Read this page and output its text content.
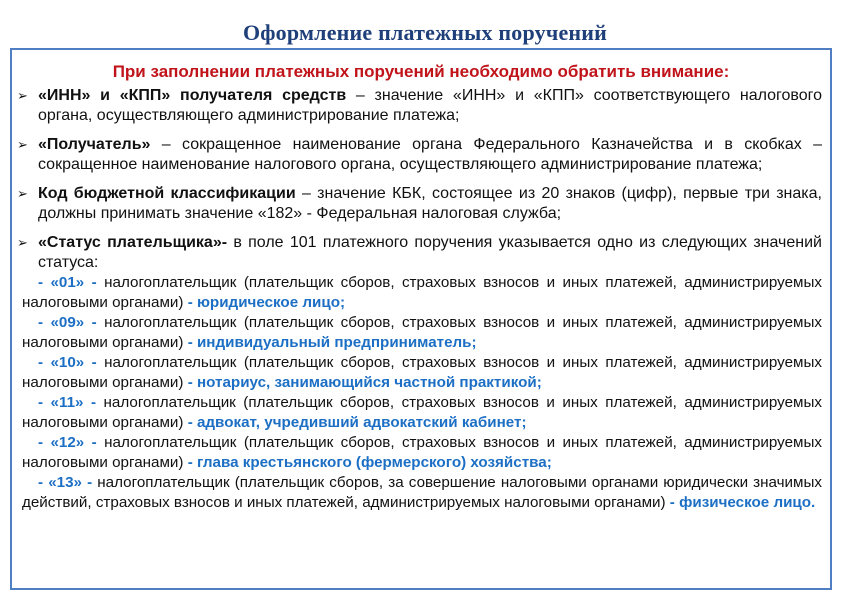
Оформление платежных поручений
При заполнении платежных поручений необходимо обратить внимание:
➢ «ИНН» и «КПП» получателя средств – значение «ИНН» и «КПП» соответствующего налогового органа, осуществляющего администрирование платежа;
➢ «Получатель» – сокращенное наименование органа Федерального Казначейства и в скобках – сокращенное наименование налогового органа, осуществляющего администрирование платежа;
➢ Код бюджетной классификации – значение КБК, состоящее из 20 знаков (цифр), первые три знака, должны принимать значение «182» - Федеральная налоговая служба;
➢ «Статус плательщика»- в поле 101 платежного поручения указывается одно из следующих значений статуса:
- «01» - налогоплательщик (плательщик сборов, страховых взносов и иных платежей, администрируемых налоговыми органами) - юридическое лицо;
- «09» - налогоплательщик (плательщик сборов, страховых взносов и иных платежей, администрируемых налоговыми органами) - индивидуальный предприниматель;
- «10» - налогоплательщик (плательщик сборов, страховых взносов и иных платежей, администрируемых налоговыми органами) - нотариус, занимающийся частной практикой;
- «11» - налогоплательщик (плательщик сборов, страховых взносов и иных платежей, администрируемых налоговыми органами) - адвокат, учредивший адвокатский кабинет;
- «12» - налогоплательщик (плательщик сборов, страховых взносов и иных платежей, администрируемых налоговыми органами) - глава крестьянского (фермерского) хозяйства;
- «13» - налогоплательщик (плательщик сборов, за совершение налоговыми органами юридически значимых действий, страховых взносов и иных платежей, администрируемых налоговыми органами) - физическое лицо.
